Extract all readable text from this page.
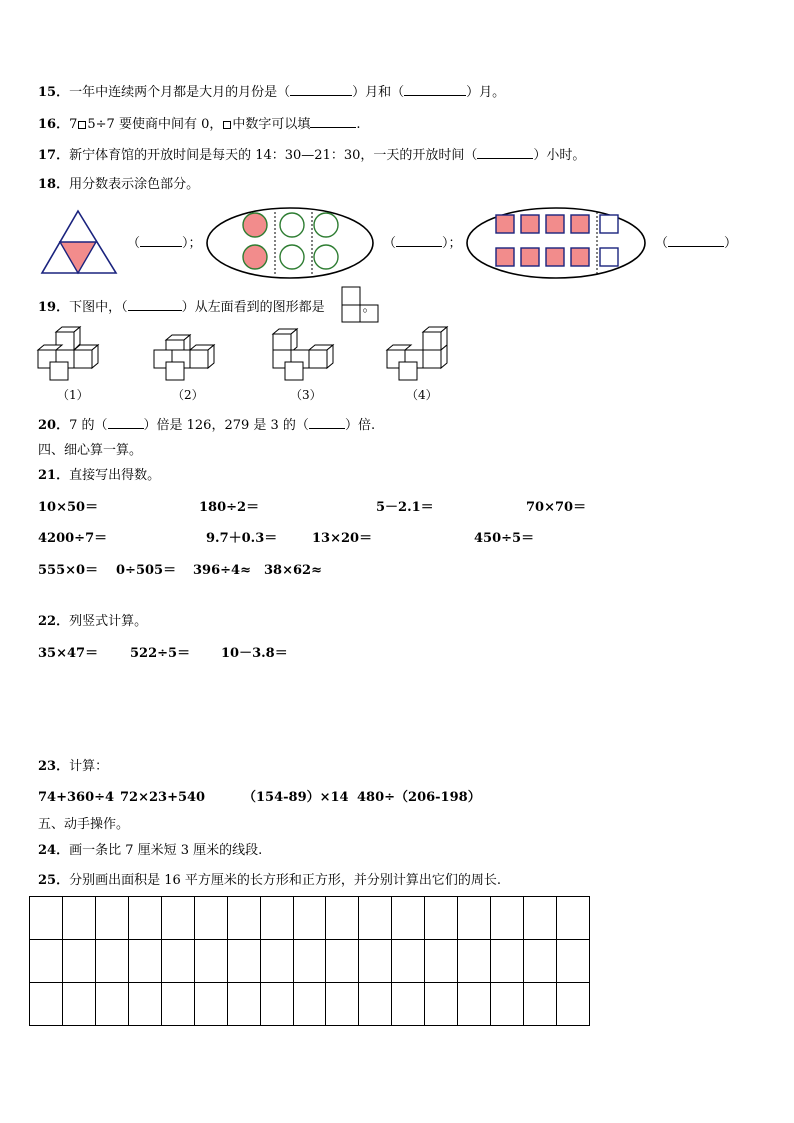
15．一年中连续两个月都是大月的月份是（	）月和（	）月。
16．7 5÷7 要使商中间有 0， 中数字可以填	.
17．新宁体育馆的开放时间是每天的 14：30—21：30，一天的开放时间（	）小时。
18．用分数表示涂色部分。
（	）；	（	）；	（	）
19．下图中，（	）从左面看到的图形都是	。
（1）	（2）	（3）	（4）
20．7 的（	）倍是 126，279 是 3 的（	）倍.
四、细心算一算。
21．直接写出得数。
10×50＝	180÷2＝	5－2.1＝	70×70＝
4200÷7＝	9.7＋0.3＝	13×20＝	450÷5＝
555×0＝ 0÷505＝ 396÷4≈ 38×62≈
22．列竖式计算。
35×47＝ 522÷5＝ 10－3.8＝
23．计算：
74+360÷4 72×23+540	（154-89）×14 480÷（206-198）
五、动手操作。
24．画一条比 7 厘米短 3 厘米的线段.
25．分别画出面积是 16 平方厘米的长方形和正方形，并分别计算出它们的周长.
